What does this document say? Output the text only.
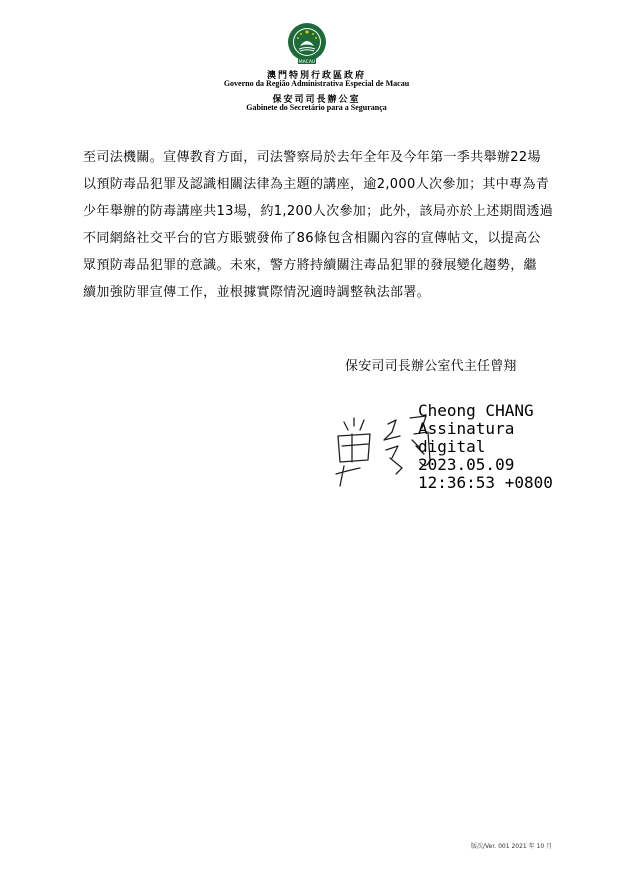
MACAU
澳門特別行政區政府
Governo da Região Administrativa Especial de Macau
保安司司長辦公室
Gabinete do Secretário para a Segurança
至司法機關。宣傳教育方面，司法警察局於去年全年及今年第一季共舉辦22場
以預防毒品犯罪及認識相關法律為主題的講座，逾2,000人次參加；其中專為青
少年舉辦的防毒講座共13場，約1,200人次參加；此外，該局亦於上述期間透過
不同網絡社交平台的官方賬號發佈了86條包含相關內容的宣傳帖文，以提高公
眾預防毒品犯罪的意識。未來，警方將持續關注毒品犯罪的發展變化趨勢，繼
續加強防罪宣傳工作，並根據實際情況適時調整執法部署。
保安司司長辦公室代主任曾翔
Cheong CHANG
Assinatura
digital
2023.05.09
12:36:53 +0800
版次/Ver. 001 2021 年 10 月
